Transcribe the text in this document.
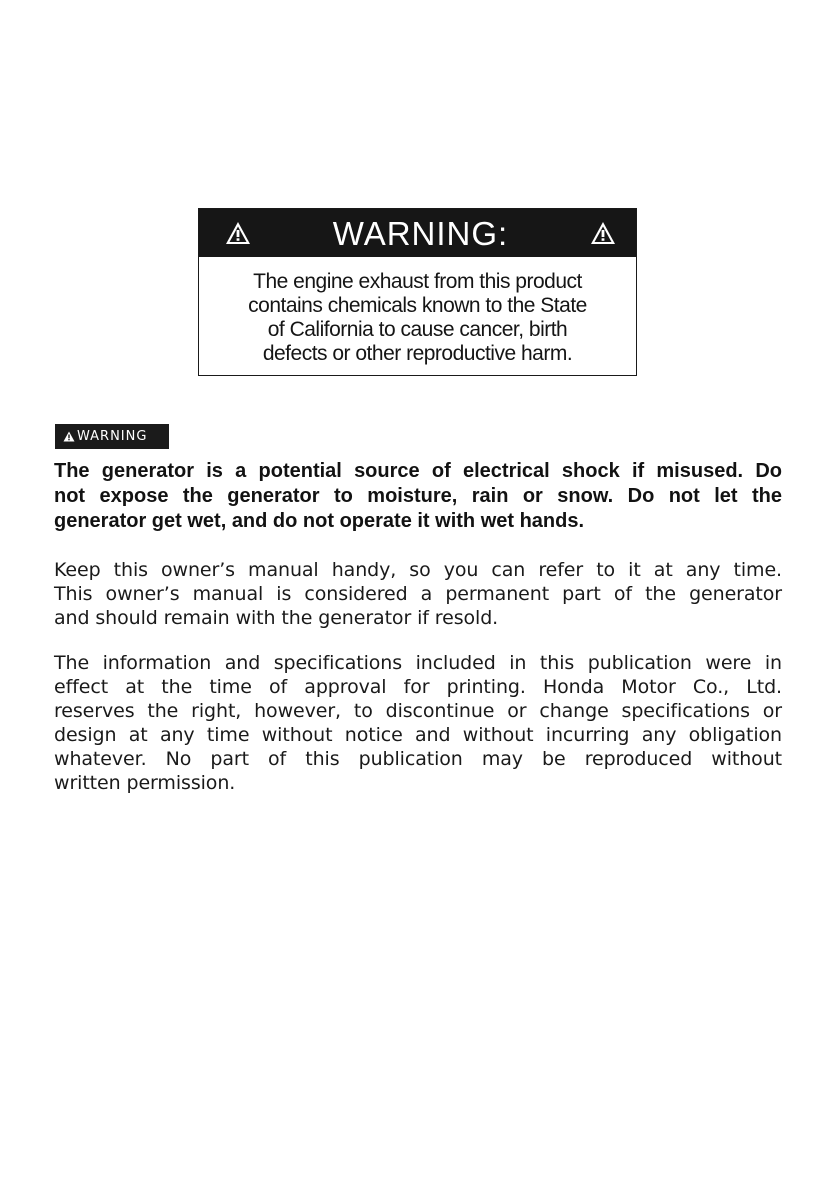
WARNING:
The engine exhaust from this product
contains chemicals known to the State
of California to cause cancer, birth
defects or other reproductive harm.
WARNING
The generator is a potential source of electrical shock if misused. Do
not expose the generator to moisture, rain or snow. Do not let the
generator get wet, and do not operate it with wet hands.
Keep this owner’s manual handy, so you can refer to it at any time.
This owner’s manual is considered a permanent part of the generator
and should remain with the generator if resold.
The information and specifications included in this publication were in
effect at the time of approval for printing. Honda Motor Co., Ltd.
reserves the right, however, to discontinue or change specifications or
design at any time without notice and without incurring any obligation
whatever. No part of this publication may be reproduced without
written permission.
